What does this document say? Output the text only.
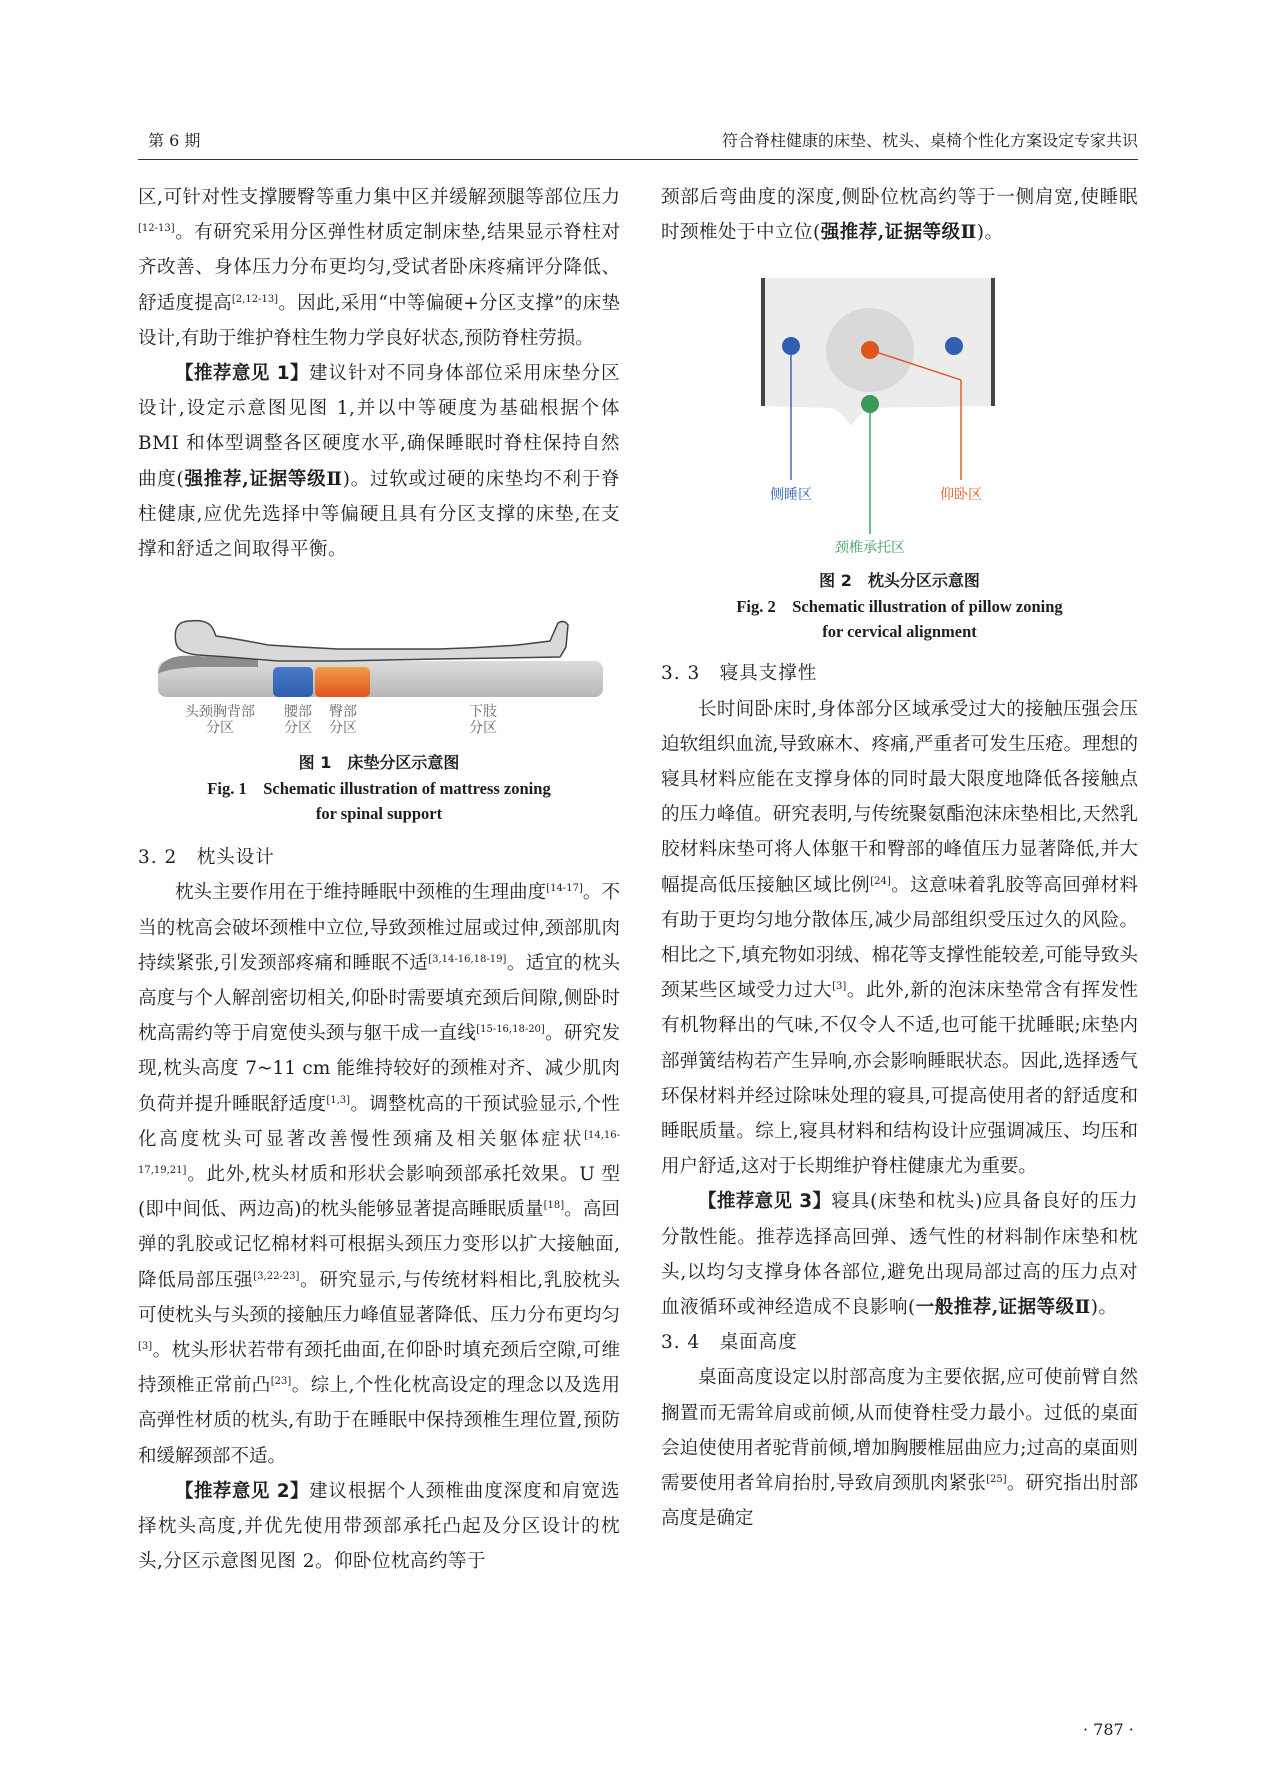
第 6 期	符合脊柱健康的床垫、枕头、桌椅个性化方案设定专家共识

区,可针对性支撑腰臀等重力集中区并缓解颈腿等部位压力[12-13]。有研究采用分区弹性材质定制床垫,结果显示脊柱对齐改善、身体压力分布更均匀,受试者卧床疼痛评分降低、舒适度提高[2,12-13]。因此,采用“中等偏硬+分区支撑”的床垫设计,有助于维护脊柱生物力学良好状态,预防脊柱劳损。

【推荐意见 1】建议针对不同身体部位采用床垫分区设计,设定示意图见图 1,并以中等硬度为基础根据个体 BMI 和体型调整各区硬度水平,确保睡眠时脊柱保持自然曲度(强推荐,证据等级Ⅱ)。过软或过硬的床垫均不利于脊柱健康,应优先选择中等偏硬且具有分区支撑的床垫,在支撑和舒适之间取得平衡。

头颈胸背部
分区
腰部
分区
臀部
分区
下肢
分区
图 1　床垫分区示意图
Fig. 1　Schematic illustration of mattress zoning
for spinal support

3. 2　枕头设计

枕头主要作用在于维持睡眠中颈椎的生理曲度[14-17]。不当的枕高会破坏颈椎中立位,导致颈椎过屈或过伸,颈部肌肉持续紧张,引发颈部疼痛和睡眠不适[3,14-16,18-19]。适宜的枕头高度与个人解剖密切相关,仰卧时需要填充颈后间隙,侧卧时枕高需约等于肩宽使头颈与躯干成一直线[15-16,18-20]。研究发现,枕头高度 7~11 cm 能维持较好的颈椎对齐、减少肌肉负荷并提升睡眠舒适度[1,3]。调整枕高的干预试验显示,个性化高度枕头可显著改善慢性颈痛及相关躯体症状[14,16-17,19,21]。此外,枕头材质和形状会影响颈部承托效果。U 型(即中间低、两边高)的枕头能够显著提高睡眠质量[18]。高回弹的乳胶或记忆棉材料可根据头颈压力变形以扩大接触面,降低局部压强[3,22-23]。研究显示,与传统材料相比,乳胶枕头可使枕头与头颈的接触压力峰值显著降低、压力分布更均匀[3]。枕头形状若带有颈托曲面,在仰卧时填充颈后空隙,可维持颈椎正常前凸[23]。综上,个性化枕高设定的理念以及选用高弹性材质的枕头,有助于在睡眠中保持颈椎生理位置,预防和缓解颈部不适。

【推荐意见 2】建议根据个人颈椎曲度深度和肩宽选择枕头高度,并优先使用带颈部承托凸起及分区设计的枕头,分区示意图见图 2。仰卧位枕高约等于

颈部后弯曲度的深度,侧卧位枕高约等于一侧肩宽,使睡眠时颈椎处于中立位(强推荐,证据等级Ⅱ)。

侧睡区	仰卧区
颈椎承托区
图 2　枕头分区示意图
Fig. 2　Schematic illustration of pillow zoning
for cervical alignment

3. 3　寝具支撑性

长时间卧床时,身体部分区域承受过大的接触压强会压迫软组织血流,导致麻木、疼痛,严重者可发生压疮。理想的寝具材料应能在支撑身体的同时最大限度地降低各接触点的压力峰值。研究表明,与传统聚氨酯泡沫床垫相比,天然乳胶材料床垫可将人体躯干和臀部的峰值压力显著降低,并大幅提高低压接触区域比例[24]。这意味着乳胶等高回弹材料有助于更均匀地分散体压,减少局部组织受压过久的风险。相比之下,填充物如羽绒、棉花等支撑性能较差,可能导致头颈某些区域受力过大[3]。此外,新的泡沫床垫常含有挥发性有机物释出的气味,不仅令人不适,也可能干扰睡眠;床垫内部弹簧结构若产生异响,亦会影响睡眠状态。因此,选择透气环保材料并经过除味处理的寝具,可提高使用者的舒适度和睡眠质量。综上,寝具材料和结构设计应强调减压、均压和用户舒适,这对于长期维护脊柱健康尤为重要。

【推荐意见 3】寝具(床垫和枕头)应具备良好的压力分散性能。推荐选择高回弹、透气性的材料制作床垫和枕头,以均匀支撑身体各部位,避免出现局部过高的压力点对血液循环或神经造成不良影响(一般推荐,证据等级Ⅱ)。

3. 4　桌面高度

桌面高度设定以肘部高度为主要依据,应可使前臂自然搁置而无需耸肩或前倾,从而使脊柱受力最小。过低的桌面会迫使使用者驼背前倾,增加胸腰椎屈曲应力;过高的桌面则需要使用者耸肩抬肘,导致肩颈肌肉紧张[25]。研究指出肘部高度是确定

· 787 ·
